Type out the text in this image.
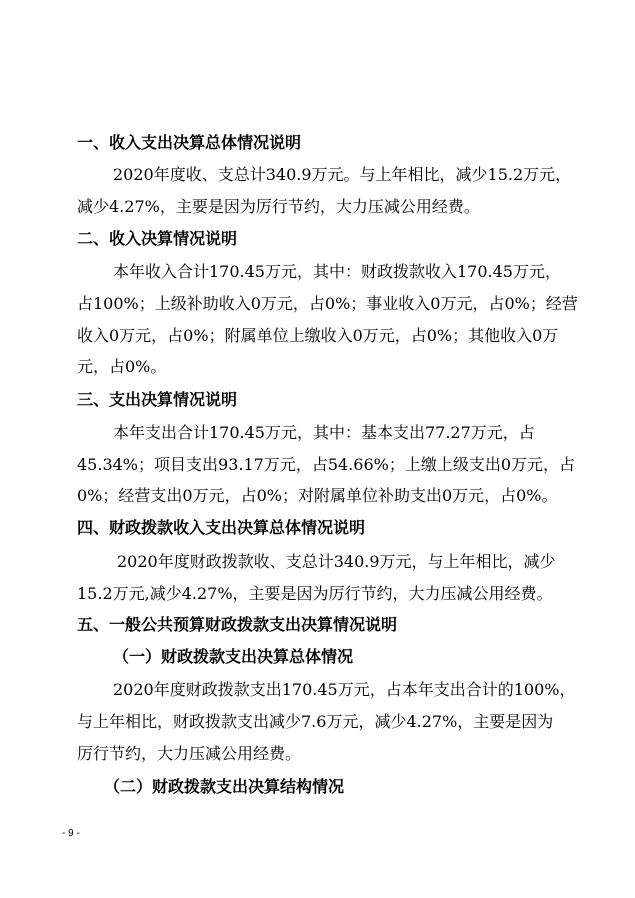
一、收入支出决算总体情况说明
2020年度收、支总计340.9万元。与上年相比，减少15.2万元，
减少4.27%，主要是因为厉行节约，大力压减公用经费。
二、收入决算情况说明
本年收入合计170.45万元，其中：财政拨款收入170.45万元，
占100%；上级补助收入0万元，占0%；事业收入0万元，占0%；经营
收入0万元，占0%；附属单位上缴收入0万元，占0%；其他收入0万
元，占0%。
三、支出决算情况说明
本年支出合计170.45万元，其中：基本支出77.27万元，占
45.34%；项目支出93.17万元，占54.66%；上缴上级支出0万元，占
0%；经营支出0万元，占0%；对附属单位补助支出0万元，占0%。
四、财政拨款收入支出决算总体情况说明
2020年度财政拨款收、支总计340.9万元，与上年相比，减少
15.2万元,减少4.27%，主要是因为厉行节约，大力压减公用经费。
五、一般公共预算财政拨款支出决算情况说明
（一）财政拨款支出决算总体情况
2020年度财政拨款支出170.45万元，占本年支出合计的100%，
与上年相比，财政拨款支出减少7.6万元，减少4.27%，主要是因为
厉行节约，大力压减公用经费。
（二）财政拨款支出决算结构情况
- 9 -
